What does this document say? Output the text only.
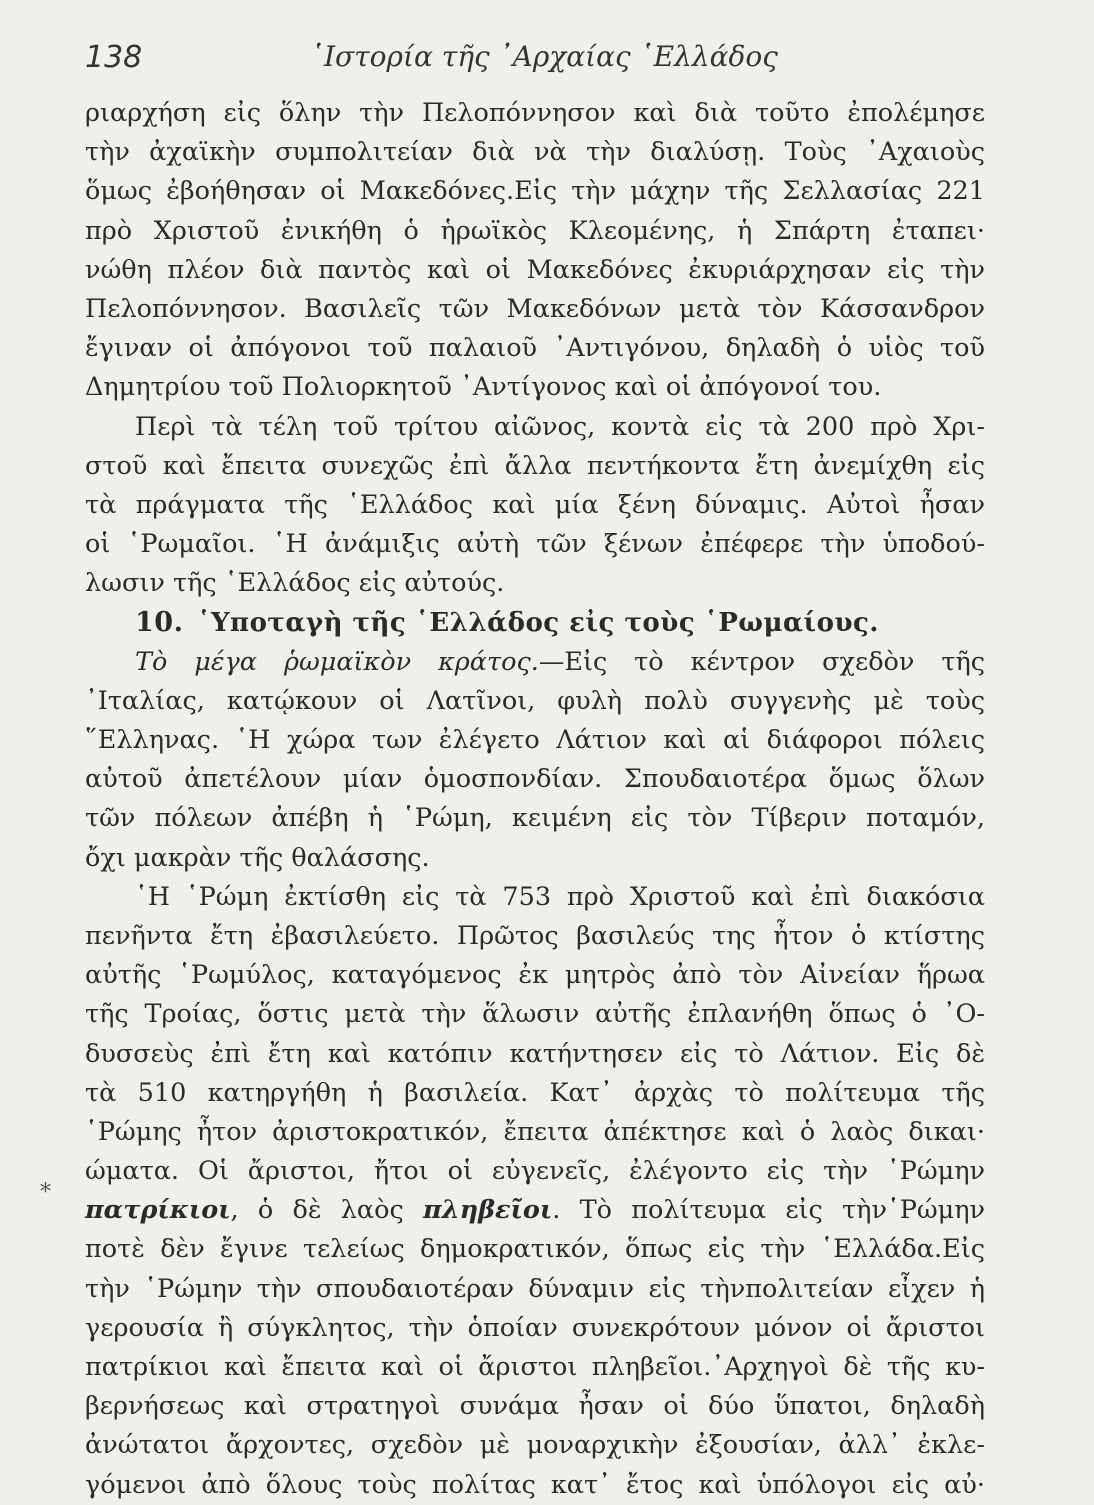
138	῾Ιστορία τῆς ᾿Αρχαίας ῾Ελλάδος
ριαρχήση εἰς ὅλην τὴν Πελοπόννησον καὶ διὰ τοῦτο ἐπολέμησε
τὴν ἀχαϊκὴν συμπολιτείαν διὰ νὰ τὴν διαλύσῃ. Τοὺς ᾿Αχαιοὺς
ὅμως ἐβοήθησαν οἱ Μακεδόνες.Εἰς τὴν μάχην τῆς Σελλασίας 221
πρὸ Χριστοῦ ἐνικήθη ὁ ἡρωϊκὸς Κλεομένης, ἡ Σπάρτη ἐταπει·
νώθη πλέον διὰ παντὸς καὶ οἱ Μακεδόνες ἐκυριάρχησαν εἰς τὴν
Πελοπόννησον. Βασιλεῖς τῶν Μακεδόνων μετὰ τὸν Κάσσανδρον
ἔγιναν οἱ ἀπόγονοι τοῦ παλαιοῦ ᾿Αντιγόνου, δηλαδὴ ὁ υἱὸς τοῦ
Δημητρίου τοῦ Πολιορκητοῦ ᾿Αντίγονος καὶ οἱ ἀπόγονοί του.
Περὶ τὰ τέλη τοῦ τρίτου αἰῶνος, κοντὰ εἰς τὰ 200 πρὸ Χρι-
στοῦ καὶ ἔπειτα συνεχῶς ἐπὶ ἄλλα πεντήκοντα ἔτη ἀνεμίχθη εἰς
τὰ πράγματα τῆς ῾Ελλάδος καὶ μία ξένη δύναμις. Αὐτοὶ ἦσαν
οἱ ῾Ρωμαῖοι. ῾Η ἀνάμιξις αὐτὴ τῶν ξένων ἐπέφερε τὴν ὑποδού-
λωσιν τῆς ῾Ελλάδος εἰς αὐτούς.
10. ῾Υποταγὴ τῆς ῾Ελλάδος εἰς τοὺς ῾Ρωμαίους.
Τὸ μέγα ῥωμαϊκὸν κράτος.—Εἰς τὸ κέντρον σχεδὸν τῆς
᾿Ιταλίας, κατῴκουν οἱ Λατῖνοι, φυλὴ πολὺ συγγενὴς μὲ τοὺς
῞Ελληνας. ῾Η χώρα των ἐλέγετο Λάτιον καὶ αἱ διάφοροι πόλεις
αὐτοῦ ἀπετέλουν μίαν ὁμοσπονδίαν. Σπουδαιοτέρα ὅμως ὅλων
τῶν πόλεων ἀπέβη ἡ ῾Ρώμη, κειμένη εἰς τὸν Τίβεριν ποταμόν,
ὄχι μακρὰν τῆς θαλάσσης.
῾Η ῾Ρώμη ἐκτίσθη εἰς τὰ 753 πρὸ Χριστοῦ καὶ ἐπὶ διακόσια
πενῆντα ἔτη ἐβασιλεύετο. Πρῶτος βασιλεύς της ἦτον ὁ κτίστης
αὐτῆς ῾Ρωμύλος, καταγόμενος ἐκ μητρὸς ἀπὸ τὸν Αἰνείαν ἥρωα
τῆς Τροίας, ὅστις μετὰ τὴν ἅλωσιν αὐτῆς ἐπλανήθη ὅπως ὁ ᾿Ο-
δυσσεὺς ἐπὶ ἔτη καὶ κατόπιν κατήντησεν εἰς τὸ Λάτιον. Εἰς δὲ
τὰ 510 κατηργήθη ἡ βασιλεία. Κατ᾿ ἀρχὰς τὸ πολίτευμα τῆς
῾Ρώμης ἦτον ἀριστοκρατικόν, ἔπειτα ἀπέκτησε καὶ ὁ λαὸς δικαι·
ώματα. Οἱ ἄριστοι, ἤτοι οἱ εὐγενεῖς, ἐλέγοντο εἰς τὴν ῾Ρώμην
πατρίκιοι, ὁ δὲ λαὸς πληβεῖοι. Τὸ πολίτευμα εἰς τὴν῾Ρώμην
ποτὲ δὲν ἔγινε τελείως δημοκρατικόν, ὅπως εἰς τὴν ῾Ελλάδα.Εἰς
τὴν ῾Ρώμην τὴν σπουδαιοτέραν δύναμιν εἰς τὴνπολιτείαν εἶχεν ἡ
γερουσία ἢ σύγκλητος, τὴν ὁποίαν συνεκρότουν μόνον οἱ ἄριστοι
πατρίκιοι καὶ ἔπειτα καὶ οἱ ἄριστοι πληβεῖοι.᾿Αρχηγοὶ δὲ τῆς κυ-
βερνήσεως καὶ στρατηγοὶ συνάμα ἦσαν οἱ δύο ὕπατοι, δηλαδὴ
ἀνώτατοι ἄρχοντες, σχεδὸν μὲ μοναρχικὴν ἐξουσίαν, ἀλλ᾿ ἐκλε-
γόμενοι ἀπὸ ὅλους τοὺς πολίτας κατ᾿ ἔτος καὶ ὑπόλογοι εἰς αὐ·
*
